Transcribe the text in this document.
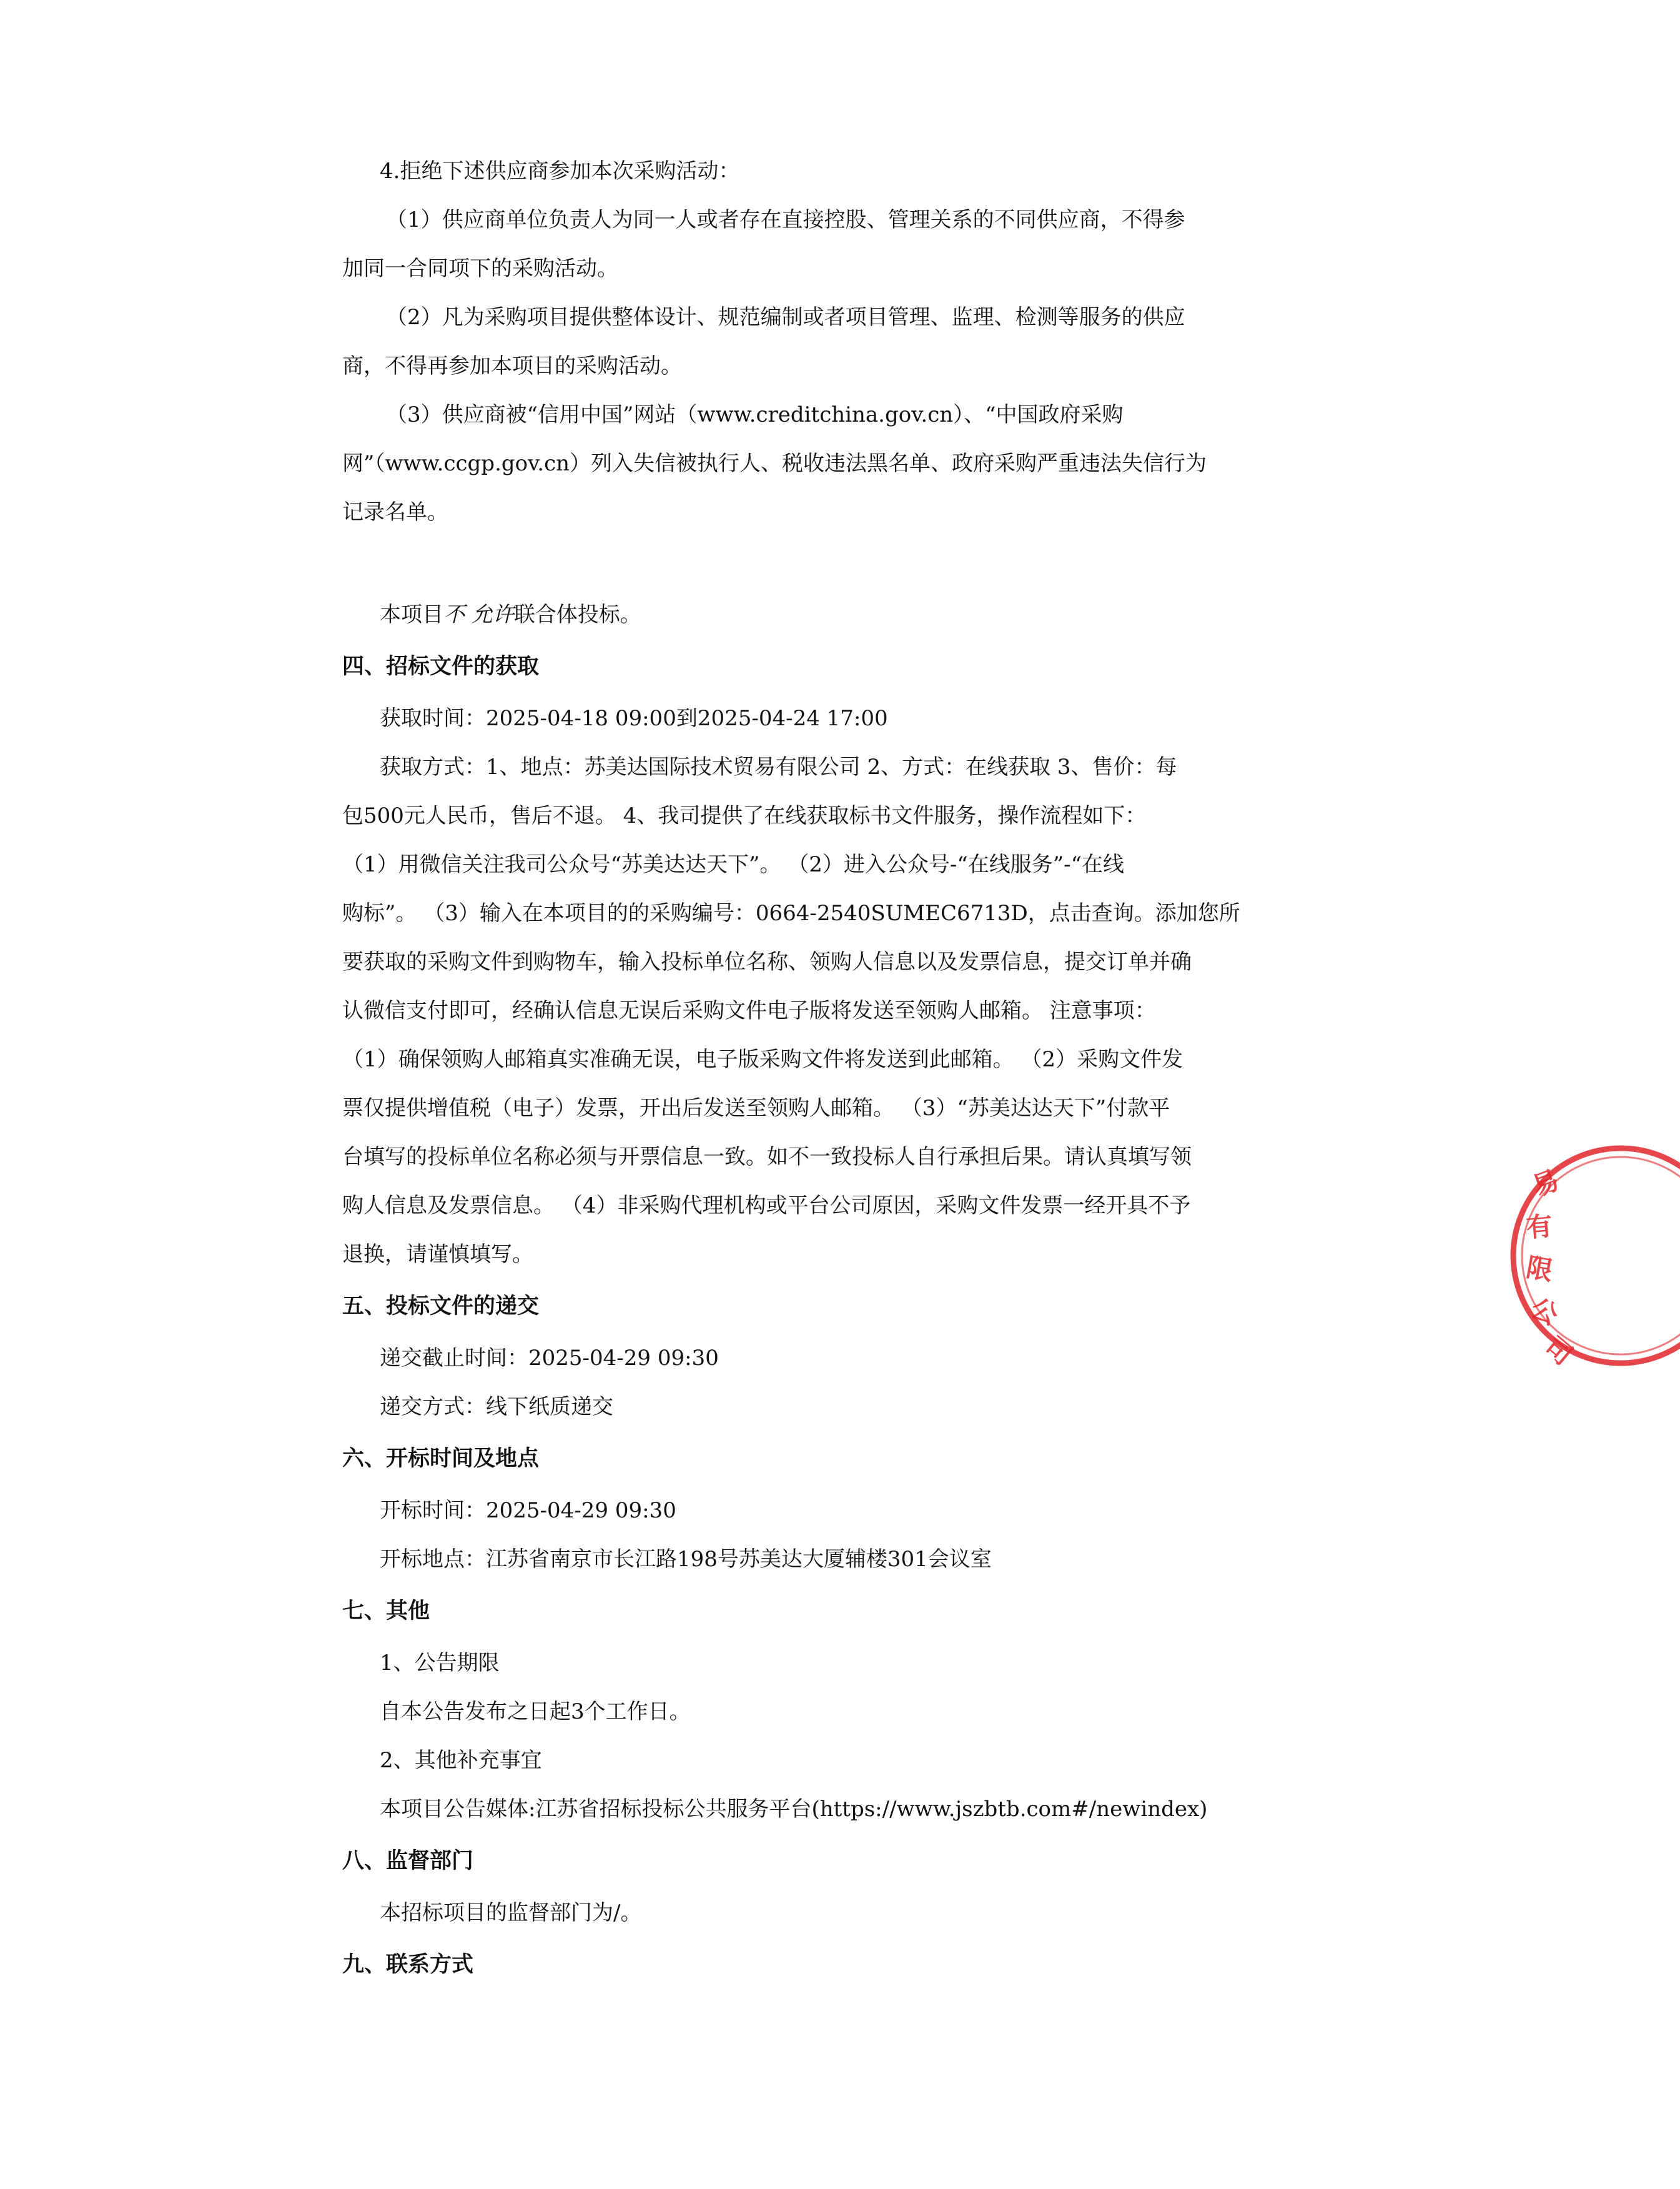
4.拒绝下述供应商参加本次采购活动：
（1）供应商单位负责人为同一人或者存在直接控股、管理关系的不同供应商，不得参
加同一合同项下的采购活动。
（2）凡为采购项目提供整体设计、规范编制或者项目管理、监理、检测等服务的供应
商，不得再参加本项目的采购活动。
（3）供应商被“信用中国”网站（www.creditchina.gov.cn）、“中国政府采购
网”（www.ccgp.gov.cn）列入失信被执行人、税收违法黑名单、政府采购严重违法失信行为
记录名单。
本项目不 允许联合体投标。
四、招标文件的获取
获取时间：2025-04-18 09:00到2025-04-24 17:00
获取方式：1、地点：苏美达国际技术贸易有限公司 2、方式：在线获取 3、售价：每
包500元人民币，售后不退。 4、我司提供了在线获取标书文件服务，操作流程如下：
（1）用微信关注我司公众号“苏美达达天下”。 （2）进入公众号-“在线服务”-“在线
购标”。 （3）输入在本项目的的采购编号：0664-2540SUMEC6713D，点击查询。添加您所
要获取的采购文件到购物车，输入投标单位名称、领购人信息以及发票信息，提交订单并确
认微信支付即可，经确认信息无误后采购文件电子版将发送至领购人邮箱。 注意事项：
（1）确保领购人邮箱真实准确无误，电子版采购文件将发送到此邮箱。 （2）采购文件发
票仅提供增值税（电子）发票，开出后发送至领购人邮箱。 （3）“苏美达达天下”付款平
台填写的投标单位名称必须与开票信息一致。如不一致投标人自行承担后果。请认真填写领
购人信息及发票信息。 （4）非采购代理机构或平台公司原因，采购文件发票一经开具不予
退换，请谨慎填写。
五、投标文件的递交
递交截止时间：2025-04-29 09:30
递交方式：线下纸质递交
六、开标时间及地点
开标时间：2025-04-29 09:30
开标地点：江苏省南京市长江路198号苏美达大厦辅楼301会议室
七、其他
1、公告期限
自本公告发布之日起3个工作日。
2、其他补充事宜
本项目公告媒体:江苏省招标投标公共服务平台(https://www.jszbtb.com#/newindex)
八、监督部门
本招标项目的监督部门为/。
九、联系方式
易
有
限
公
司
